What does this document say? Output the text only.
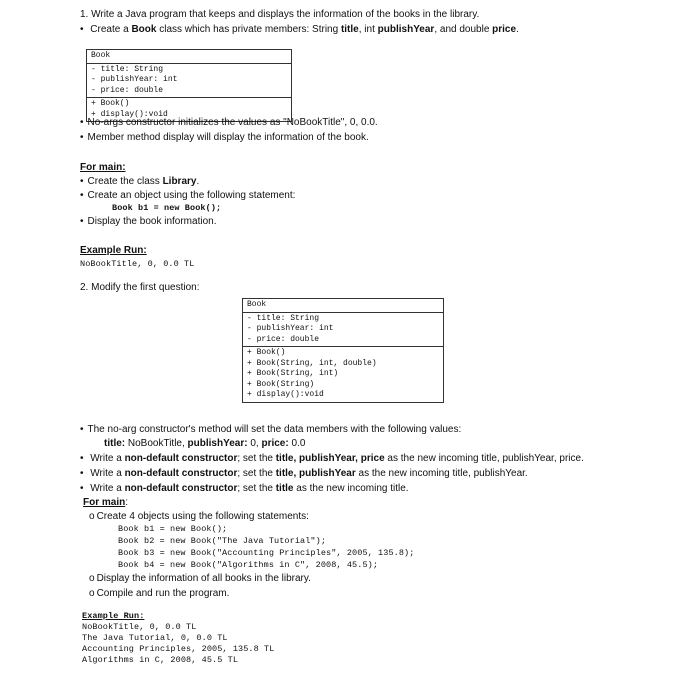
1. Write a Java program that keeps and displays the information of the books in the library.
• Create a Book class which has private members: String title, int publishYear, and double price.
Book
- title: String
- publishYear: int
- price: double
+ Book()
+ display():void
• No-args constructor initializes the values as "NoBookTitle", 0, 0.0.
• Member method display will display the information of the book.
For main:
• Create the class Library.
• Create an object using the following statement:
Book b1 = new Book();
• Display the book information.
Example Run:
NoBookTitle, 0, 0.0 TL
2. Modify the first question:
Book
- title: String
- publishYear: int
- price: double
+ Book()
+ Book(String, int, double)
+ Book(String, int)
+ Book(String)
+ display():void
• The no-arg constructor's method will set the data members with the following values:
title: NoBookTitle, publishYear: 0, price: 0.0
• Write a non-default constructor; set the title, publishYear, price as the new incoming title, publishYear, price.
• Write a non-default constructor; set the title, publishYear as the new incoming title, publishYear.
• Write a non-default constructor; set the title as the new incoming title.
For main:
o Create 4 objects using the following statements:
Book b1 = new Book();
Book b2 = new Book("The Java Tutorial");
Book b3 = new Book("Accounting Principles", 2005, 135.8);
Book b4 = new Book("Algorithms in C", 2008, 45.5);
o Display the information of all books in the library.
o Compile and run the program.
Example Run:
NoBookTitle, 0, 0.0 TL
The Java Tutorial, 0, 0.0 TL
Accounting Principles, 2005, 135.8 TL
Algorithms in C, 2008, 45.5 TL
